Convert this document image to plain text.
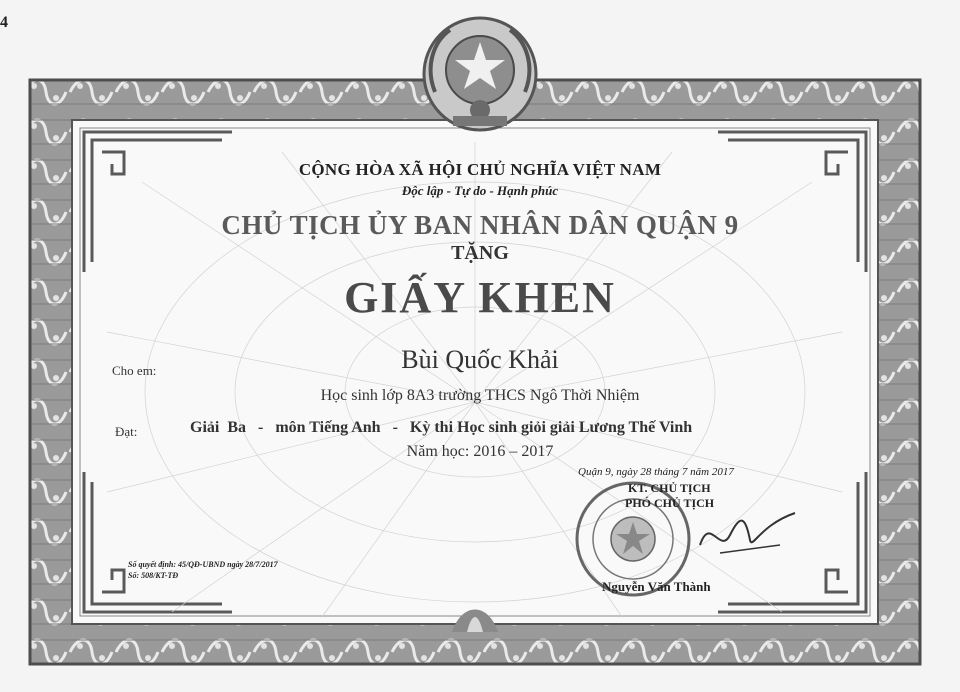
4
CỘNG HÒA XÃ HỘI CHỦ NGHĨA VIỆT NAM
Độc lập - Tự do - Hạnh phúc
CHỦ TỊCH ỦY BAN NHÂN DÂN QUẬN 9
TẶNG
GIẤY KHEN
Cho em:	Bùi Quốc Khải
Học sinh lớp 8A3 trường THCS Ngô Thời Nhiệm
Đạt:	Giải  Ba   -   môn Tiếng Anh   -   Kỳ thi Học sinh giỏi giải Lương Thế Vinh
Năm học: 2016 – 2017
Quận 9, ngày 28 tháng 7 năm 2017
KT. CHỦ TỊCH
PHÓ CHỦ TỊCH
Nguyễn Văn Thành
Số quyết định: 45/QĐ-UBND ngày 28/7/2017
Số: 508/KT-TĐ
